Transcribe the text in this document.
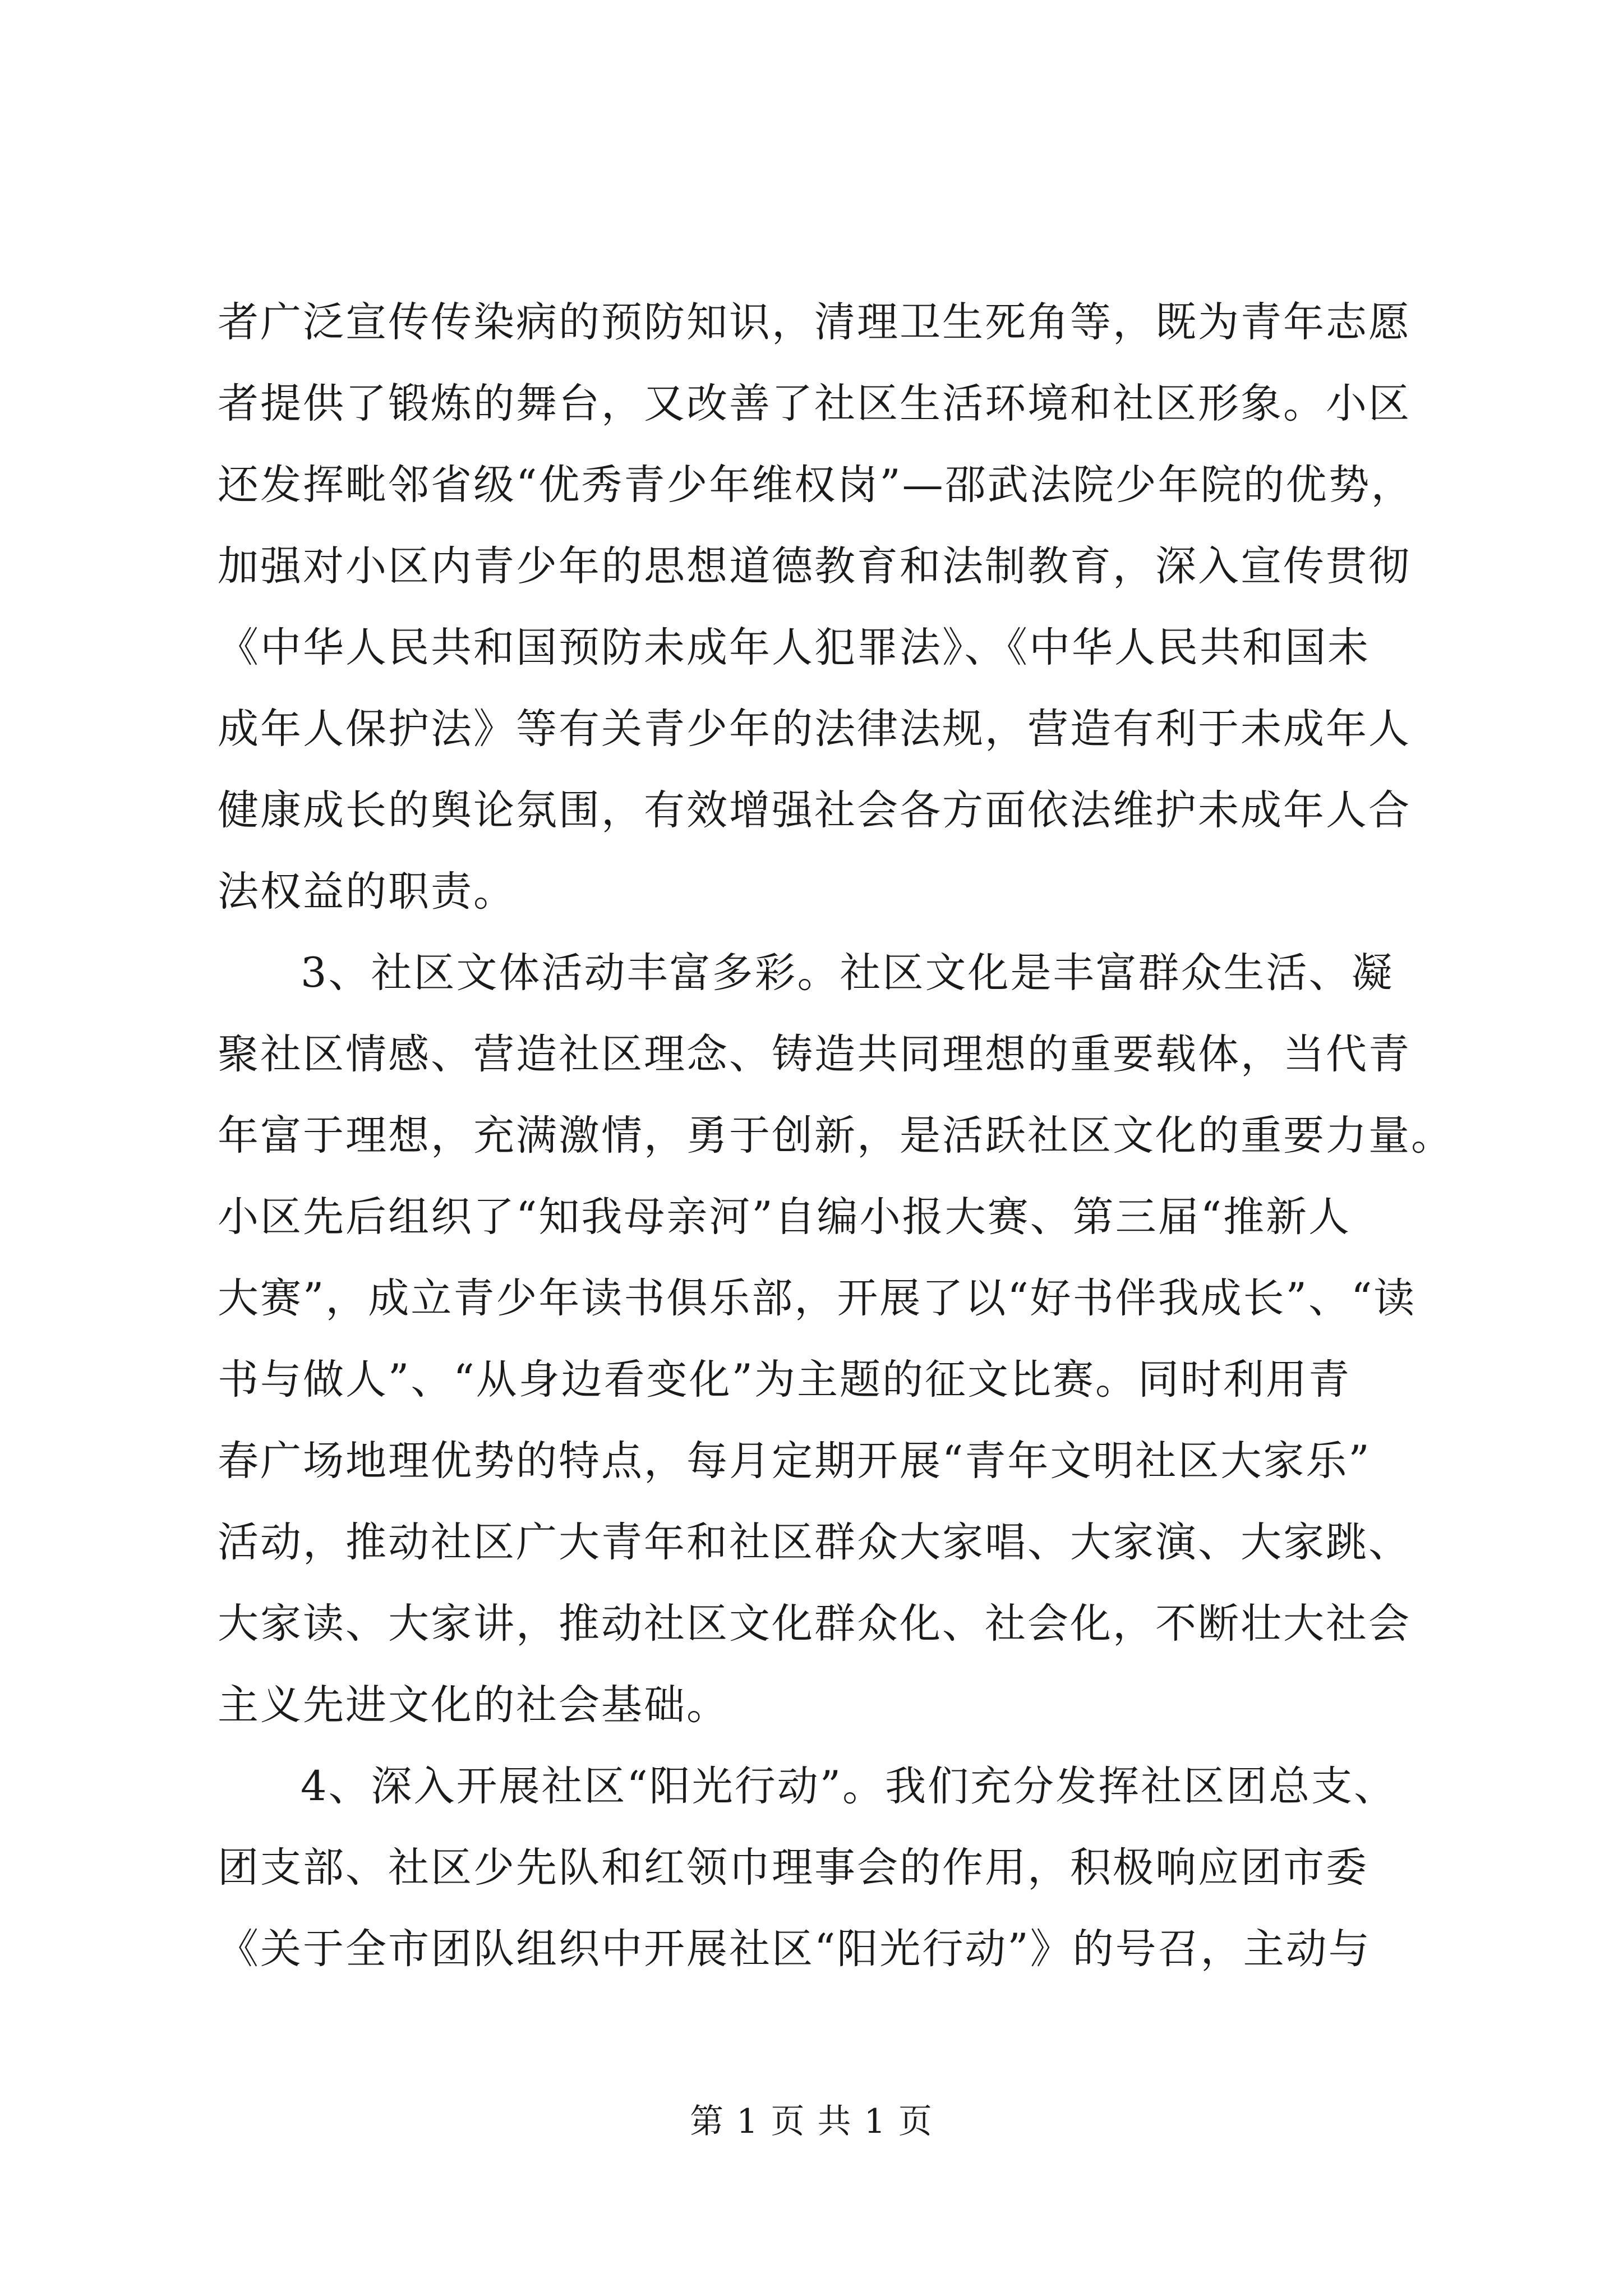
者广泛宣传传染病的预防知识，清理卫生死角等，既为青年志愿
者提供了锻炼的舞台，又改善了社区生活环境和社区形象。小区
还发挥毗邻省级“优秀青少年维权岗”—邵武法院少年院的优势，
加强对小区内青少年的思想道德教育和法制教育，深入宣传贯彻
《中华人民共和国预防未成年人犯罪法》、《中华人民共和国未
成年人保护法》等有关青少年的法律法规，营造有利于未成年人
健康成长的舆论氛围，有效增强社会各方面依法维护未成年人合
法权益的职责。
3、社区文体活动丰富多彩。社区文化是丰富群众生活、凝
聚社区情感、营造社区理念、铸造共同理想的重要载体，当代青
年富于理想，充满激情，勇于创新，是活跃社区文化的重要力量。
小区先后组织了“知我母亲河”自编小报大赛、第三届“推新人
大赛”，成立青少年读书俱乐部，开展了以“好书伴我成长”、“读
书与做人”、“从身边看变化”为主题的征文比赛。同时利用青
春广场地理优势的特点，每月定期开展“青年文明社区大家乐”
活动，推动社区广大青年和社区群众大家唱、大家演、大家跳、
大家读、大家讲，推动社区文化群众化、社会化，不断壮大社会
主义先进文化的社会基础。
4、深入开展社区“阳光行动”。我们充分发挥社区团总支、
团支部、社区少先队和红领巾理事会的作用，积极响应团市委
《关于全市团队组织中开展社区“阳光行动”》的号召，主动与
第 1 页 共 1 页
